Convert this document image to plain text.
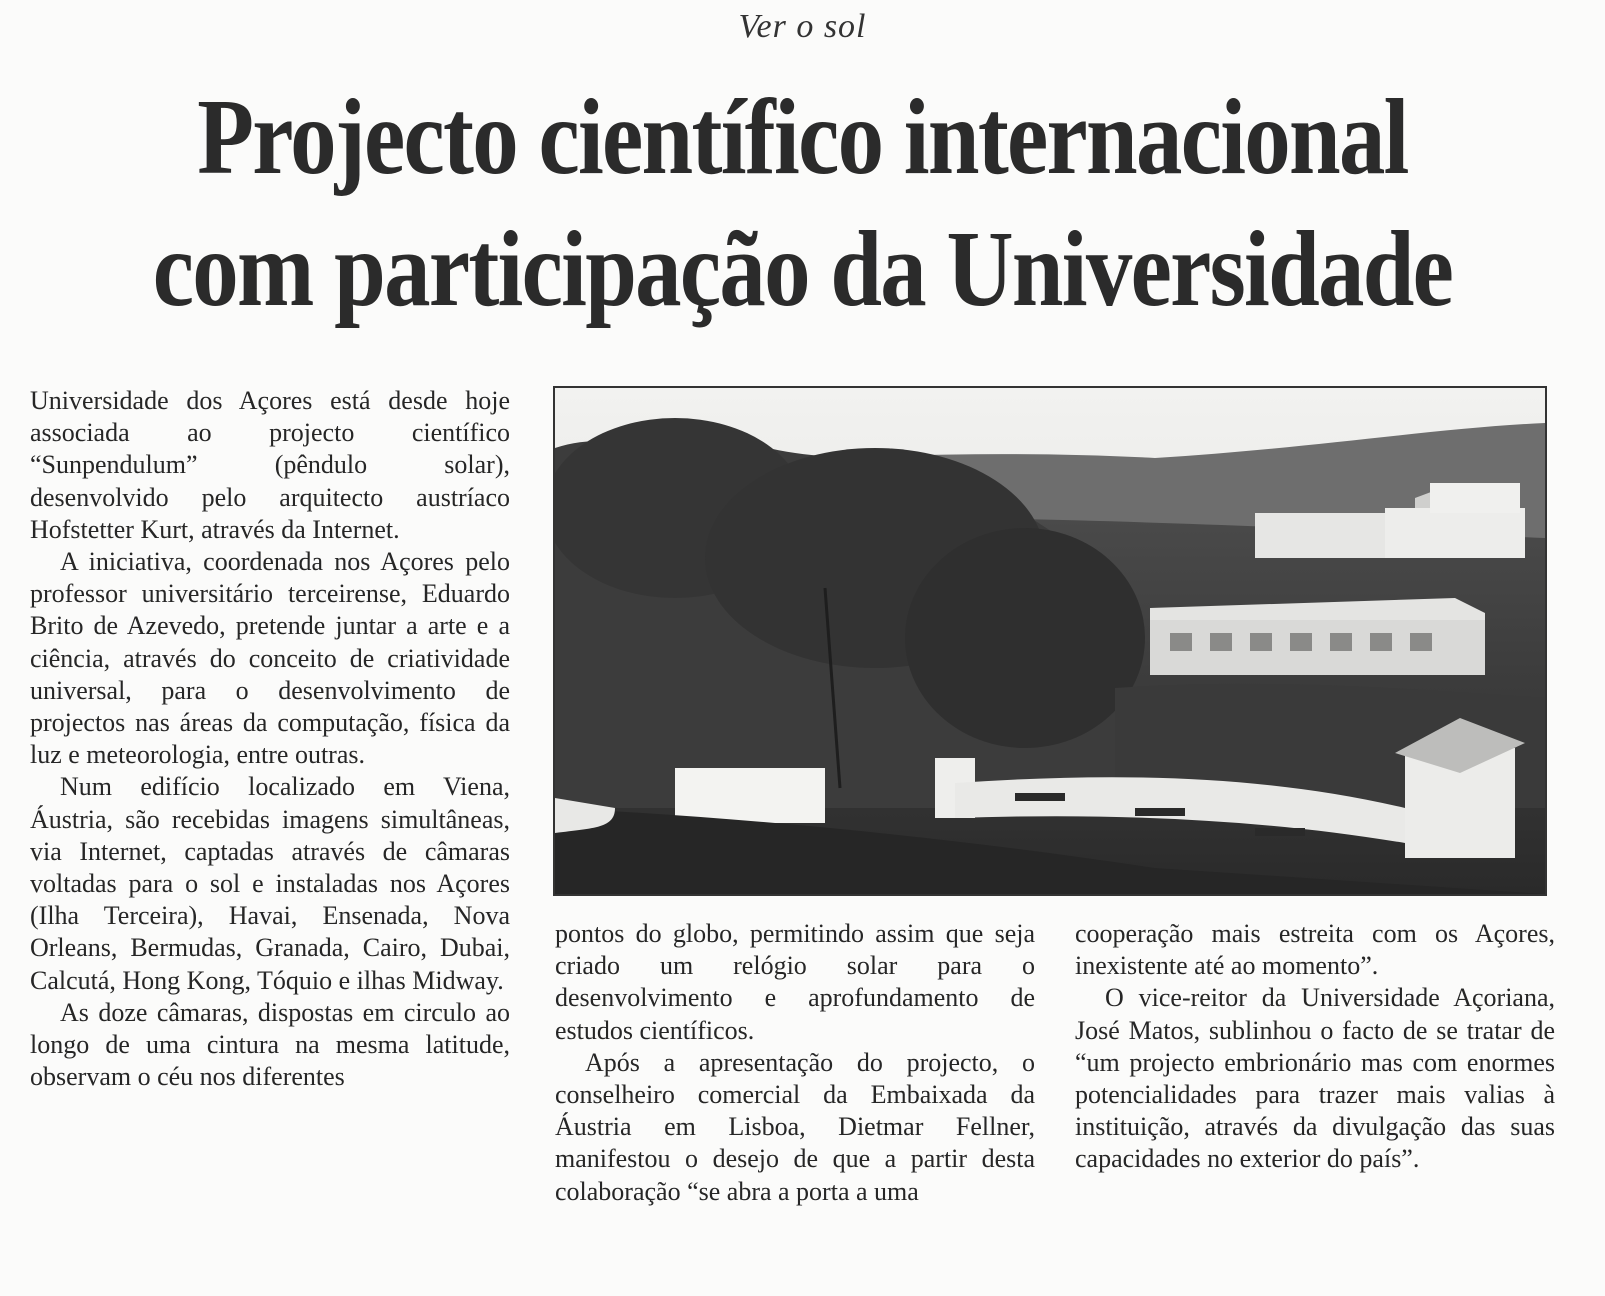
Ver o sol
Projecto científico internacional
com participação da Universidade

Universidade dos Açores está desde hoje associada ao projecto científico “Sunpendulum” (pêndulo solar), desenvolvido pelo arquitecto austríaco Hofstetter Kurt, através da Internet.

A iniciativa, coordenada nos Açores pelo professor universitário terceirense, Eduardo Brito de Azevedo, pretende juntar a arte e a ciência, através do conceito de criatividade universal, para o desenvolvimento de projectos nas áreas da computação, física da luz e meteorologia, entre outras.

Num edifício localizado em Viena, Áustria, são recebidas imagens simultâneas, via Internet, captadas através de câmaras voltadas para o sol e instaladas nos Açores (Ilha Terceira), Havai, Ensenada, Nova Orleans, Bermudas, Granada, Cairo, Dubai, Calcutá, Hong Kong, Tóquio e ilhas Midway.

As doze câmaras, dispostas em circulo ao longo de uma cintura na mesma latitude, observam o céu nos diferentes

pontos do globo, permitindo assim que seja criado um relógio solar para o desenvolvimento e aprofundamento de estudos científicos.

Após a apresentação do projecto, o conselheiro comercial da Embaixada da Áustria em Lisboa, Dietmar Fellner, manifestou o desejo de que a partir desta colaboração “se abra a porta a uma

cooperação mais estreita com os Açores, inexistente até ao momento”.

O vice-reitor da Universidade Açoriana, José Matos, sublinhou o facto de se tratar de “um projecto embrionário mas com enormes potencialidades para trazer mais valias à instituição, através da divulgação das suas capacidades no exterior do país”.
